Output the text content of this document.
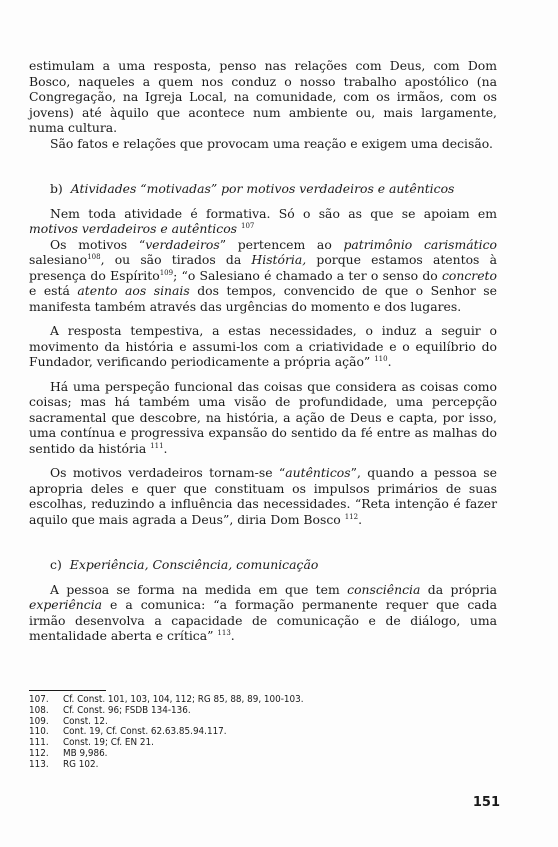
estimulam a uma resposta, penso nas relações com Deus, com Dom Bosco, naqueles a quem nos conduz o nosso trabalho apostólico (na Congregação, na Igreja Local, na comunidade, com os irmãos, com os jovens) até àquilo que acontece num ambiente ou, mais largamente, numa cultura.

São fatos e relações que provocam uma reação e exigem uma decisão.

b) Atividades “motivadas” por motivos verdadeiros e autênticos

Nem toda atividade é formativa. Só o são as que se apoiam em motivos verdadeiros e autênticos $^{107}$

Os motivos “verdadeiros” pertencem ao patrimônio carismático salesiano$^{108}$, ou são tirados da História, porque estamos atentos à presença do Espírito$^{109}$; “o Salesiano é chamado a ter o senso do concreto e está atento aos sinais dos tempos, convencido de que o Senhor se manifesta também através das urgências do momento e dos lugares.

A resposta tempestiva, a estas necessidades, o induz a seguir o movimento da história e assumi-los com a criatividade e o equilíbrio do Fundador, verificando periodicamente a própria ação” $^{110}$.

Há uma perspeção funcional das coisas que considera as coisas como coisas; mas há também uma visão de profundidade, uma percepção sacramental que descobre, na história, a ação de Deus e capta, por isso, uma contínua e progressiva expansão do sentido da fé entre as malhas do sentido da história $^{111}$.

Os motivos verdadeiros tornam-se “autênticos”, quando a pessoa se apropria deles e quer que constituam os impulsos primários de suas escolhas, reduzindo a influência das necessidades. “Reta intenção é fazer aquilo que mais agrada a Deus”, diria Dom Bosco $^{112}$.

c) Experiência, Consciência, comunicação

A pessoa se forma na medida em que tem consciência da própria experiência e a comunica: “a formação permanente requer que cada irmão desenvolva a capacidade de comunicação e de diálogo, uma mentalidade aberta e crítica” $^{113}$.

107.	Cf. Const. 101, 103, 104, 112; RG 85, 88, 89, 100-103.
108.	Cf. Const. 96; FSDB 134-136.
109.	Const. 12.
110.	Cont. 19, Cf. Const. 62.63.85.94.117.
111.	Const. 19; Cf. EN 21.
112.	MB 9,986.
113.	RG 102.
151
